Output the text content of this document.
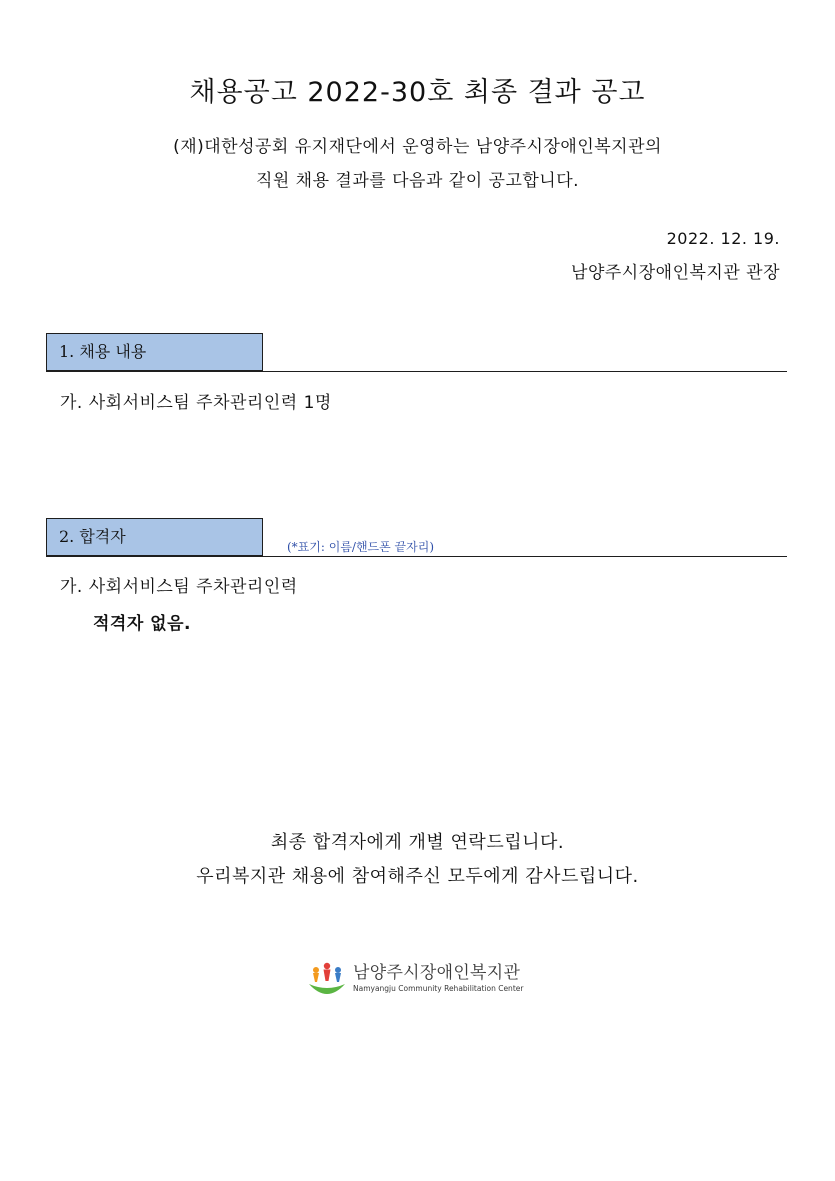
채용공고 2022-30호 최종 결과 공고
(재)대한성공회 유지재단에서 운영하는 남양주시장애인복지관의
직원 채용 결과를 다음과 같이 공고합니다.
2022. 12. 19.
남양주시장애인복지관 관장
1. 채용 내용
가. 사회서비스팀 주차관리인력 1명
2. 합격자
(*표기: 이름/핸드폰 끝자리)
가. 사회서비스팀 주차관리인력
적격자 없음.
최종 합격자에게 개별 연락드립니다.
우리복지관 채용에 참여해주신 모두에게 감사드립니다.
남양주시장애인복지관
Namyangju Community Rehabilitation Center
